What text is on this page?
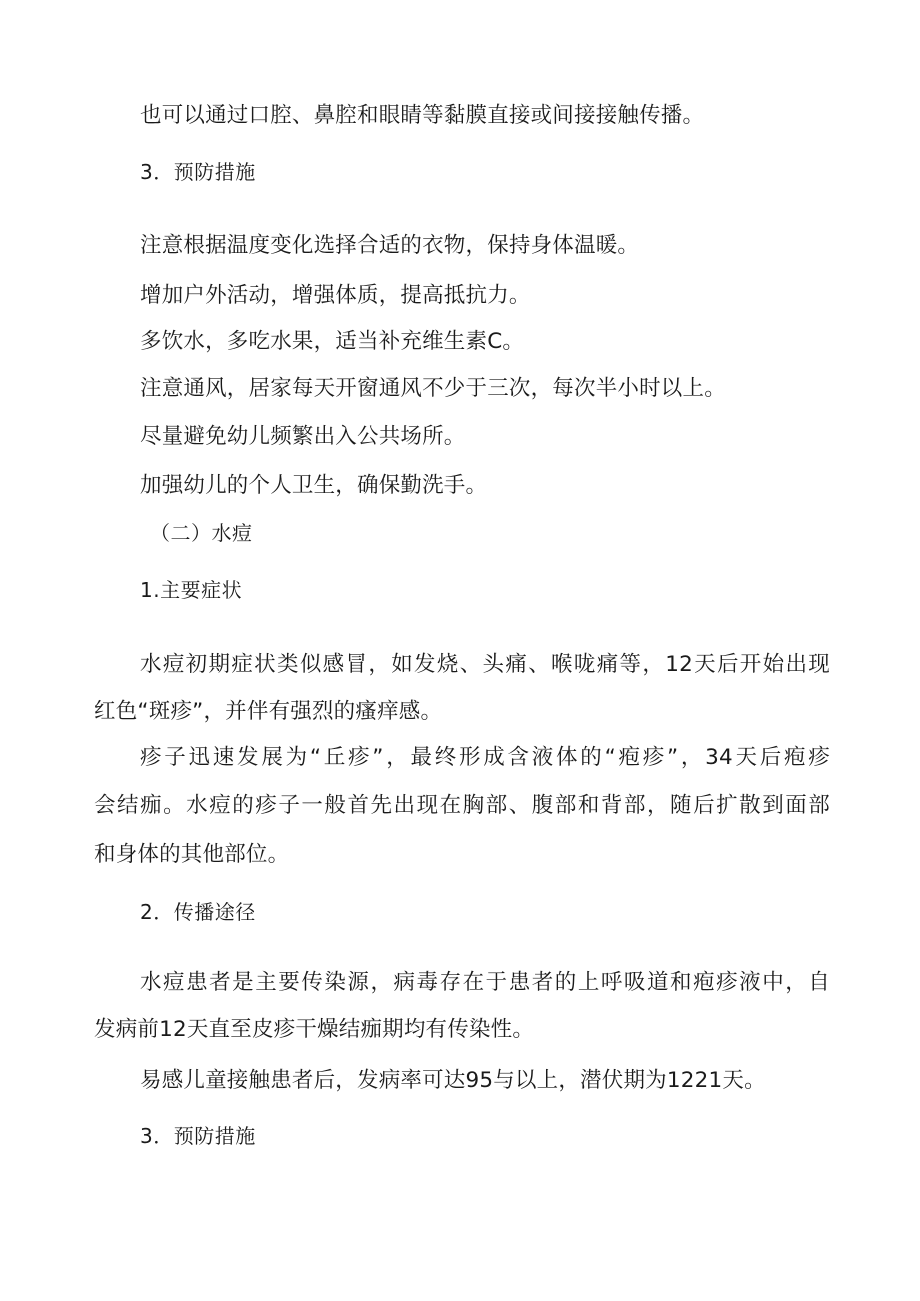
也可以通过口腔、鼻腔和眼睛等黏膜直接或间接接触传播。

3．预防措施

注意根据温度变化选择合适的衣物，保持身体温暖。

增加户外活动，增强体质，提高抵抗力。

多饮水，多吃水果，适当补充维生素C。

注意通风，居家每天开窗通风不少于三次，每次半小时以上。

尽量避免幼儿频繁出入公共场所。

加强幼儿的个人卫生，确保勤洗手。

（二）水痘

1.主要症状

水痘初期症状类似感冒，如发烧、头痛、喉咙痛等，12天后开始出现

红色“斑疹”，并伴有强烈的瘙痒感。

疹子迅速发展为“丘疹”，最终形成含液体的“疱疹”，34天后疱疹

会结痂。水痘的疹子一般首先出现在胸部、腹部和背部，随后扩散到面部

和身体的其他部位。

2．传播途径

水痘患者是主要传染源，病毒存在于患者的上呼吸道和疱疹液中，自

发病前12天直至皮疹干燥结痂期均有传染性。

易感儿童接触患者后，发病率可达95与以上，潜伏期为1221天。

3．预防措施
